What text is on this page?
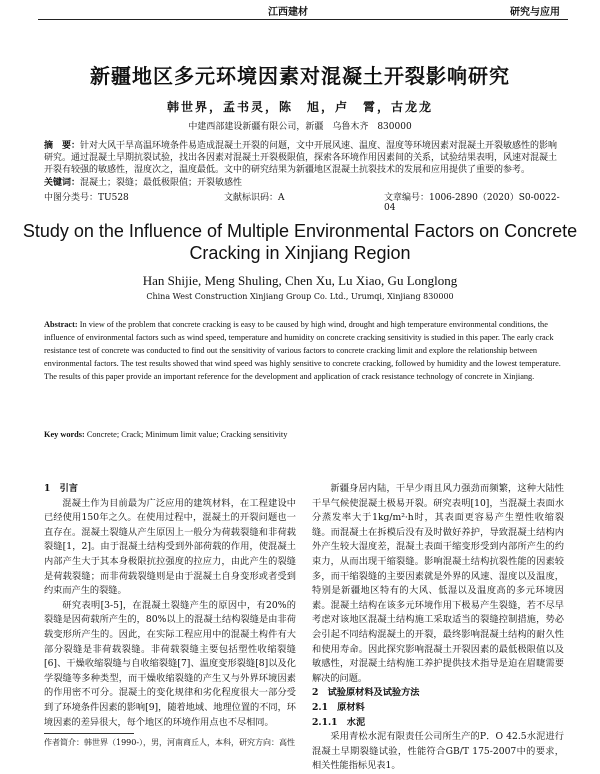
江西建材	研究与应用
新疆地区多元环境因素对混凝土开裂影响研究
韩世界，孟书灵，陈　旭，卢　霄，古龙龙
中建西部建设新疆有限公司，新疆　乌鲁木齐　830000
摘　要：针对大风干旱高温环境条件易造成混凝土开裂的问题，文中开展风速、温度、湿度等环境因素对混凝土开裂敏感性的影响研究。通过混凝土早期抗裂试验，找出各因素对混凝土开裂极限值，探索各环境作用因素间的关系，试验结果表明，风速对混凝土开裂有较强的敏感性，湿度次之，温度最低。文中的研究结果为新疆地区混凝土抗裂技术的发展和应用提供了重要的参考。
关键词：混凝土；裂缝；最低极限值；开裂敏感性
中图分类号：TU528	文献标识码：A	文章编号：1006-2890（2020）S0-0022-04
Study on the Influence of Multiple Environmental Factors on Concrete Cracking in Xinjiang Region
Han Shijie, Meng Shuling, Chen Xu, Lu Xiao, Gu Longlong
China West Construction Xinjiang Group Co. Ltd., Urumqi, Xinjiang 830000
Abstract: In view of the problem that concrete cracking is easy to be caused by high wind, drought and high temperature environmental conditions, the influence of environmental factors such as wind speed, temperature and humidity on concrete cracking sensitivity is studied in this paper. The early crack resistance test of concrete was conducted to find out the sensitivity of various factors to concrete cracking limit and explore the relationship between environmental factors. The test results showed that wind speed was highly sensitive to concrete cracking, followed by humidity and the lowest temperature. The results of this paper provide an important reference for the development and application of crack resistance technology of concrete in Xinjiang.
Key words: Concrete; Crack; Minimum limit value; Cracking sensitivity

1　引言

混凝土作为目前最为广泛应用的建筑材料，在工程建设中已经使用150年之久。在使用过程中，混凝土的开裂问题也一直存在。混凝土裂缝从产生原因上一般分为荷载裂缝和非荷载裂缝[1，2]。由于混凝土结构受到外部荷载的作用，使混凝土内部产生大于其本身极限抗拉强度的拉应力，由此产生的裂缝是荷载裂缝；而非荷载裂缝则是由于混凝土自身变形或者受到约束而产生的裂缝。

研究表明[3-5]，在混凝土裂缝产生的原因中，有20%的裂缝是因荷载所产生的，80%以上的混凝土结构裂缝是由非荷载变形所产生的。因此，在实际工程应用中的混凝土构件有大部分裂缝是非荷载裂缝。非荷载裂缝主要包括塑性收缩裂缝[6]、干燥收缩裂缝与自收缩裂缝[7]、温度变形裂缝[8]以及化学裂缝等多种类型，而干燥收缩裂缝的产生又与外界环境因素的作用密不可分。混凝土的变化规律和劣化程度很大一部分受到了环境条件因素的影响[9]，随着地域、地理位置的不同，环境因素的差异很大，每个地区的环境作用点也不尽相同。

新疆身居内陆，干旱少雨且风力强劲而频繁，这种大陆性干旱气候使混凝土极易开裂。研究表明[10]，当混凝土表面水分蒸发率大于1kg/m²·h时，其表面更容易产生塑性收缩裂缝。而混凝土在拆模后没有及时做好养护，导致混凝土结构内外产生较大湿度差，混凝土表面干缩变形受到内部所产生的约束力，从而出现干缩裂缝。影响混凝土结构抗裂性能的因素较多，而干缩裂缝的主要因素就是外界的风速、湿度以及温度，特别是新疆地区特有的大风、低湿以及温度高的多元环境因素。混凝土结构在该多元环境作用下极易产生裂缝，若不尽早考虑对该地区混凝土结构施工采取适当的裂缝控制措施，势必会引起不同结构混凝土的开裂，最终影响混凝土结构的耐久性和使用寿命。因此探究影响混凝土开裂因素的最低极限值以及敏感性，对混凝土结构施工养护提供技术指导是迫在眉睫需要解决的问题。

2　试验原材料及试验方法

2.1　原材料

2.1.1　水泥

采用青松水泥有限责任公司所生产的P．O 42.5水泥进行混凝土早期裂缝试验，性能符合GB/T 175-2007中的要求，相关性能指标见表1。

作者简介：韩世界（1990-），男，河南商丘人，本科，研究方向：高性
